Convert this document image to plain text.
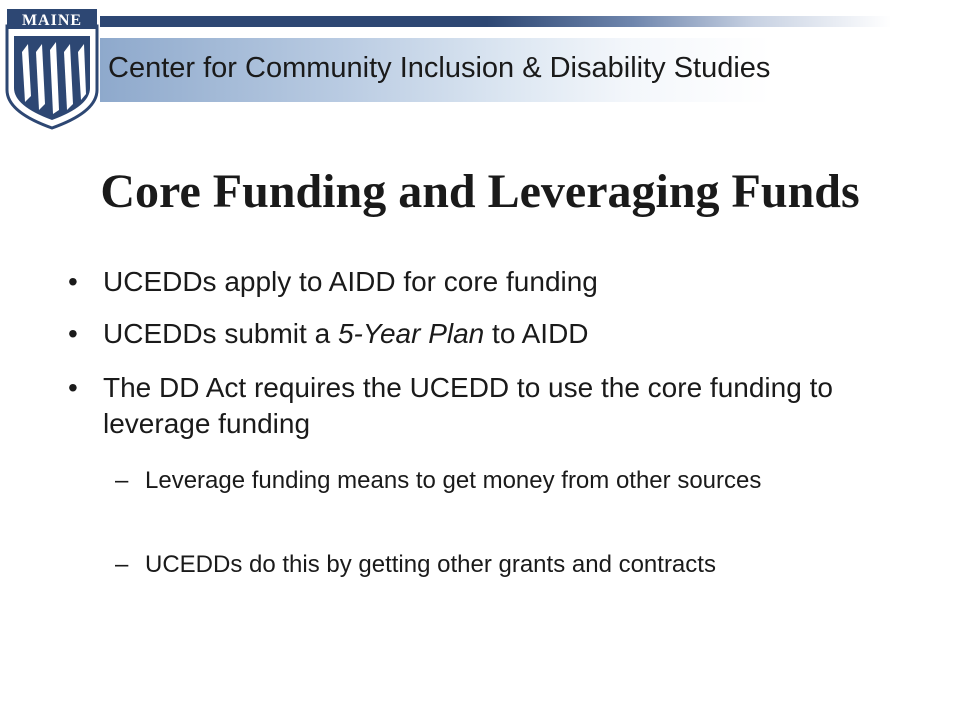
MAINE
Center for Community Inclusion & Disability Studies
Core Funding and Leveraging Funds
• UCEDDs apply to AIDD for core funding
• UCEDDs submit a 5-Year Plan to AIDD
• The DD Act requires the UCEDD to use the core funding to leverage funding
– Leverage funding means to get money from other sources
– UCEDDs do this by getting other grants and contracts
